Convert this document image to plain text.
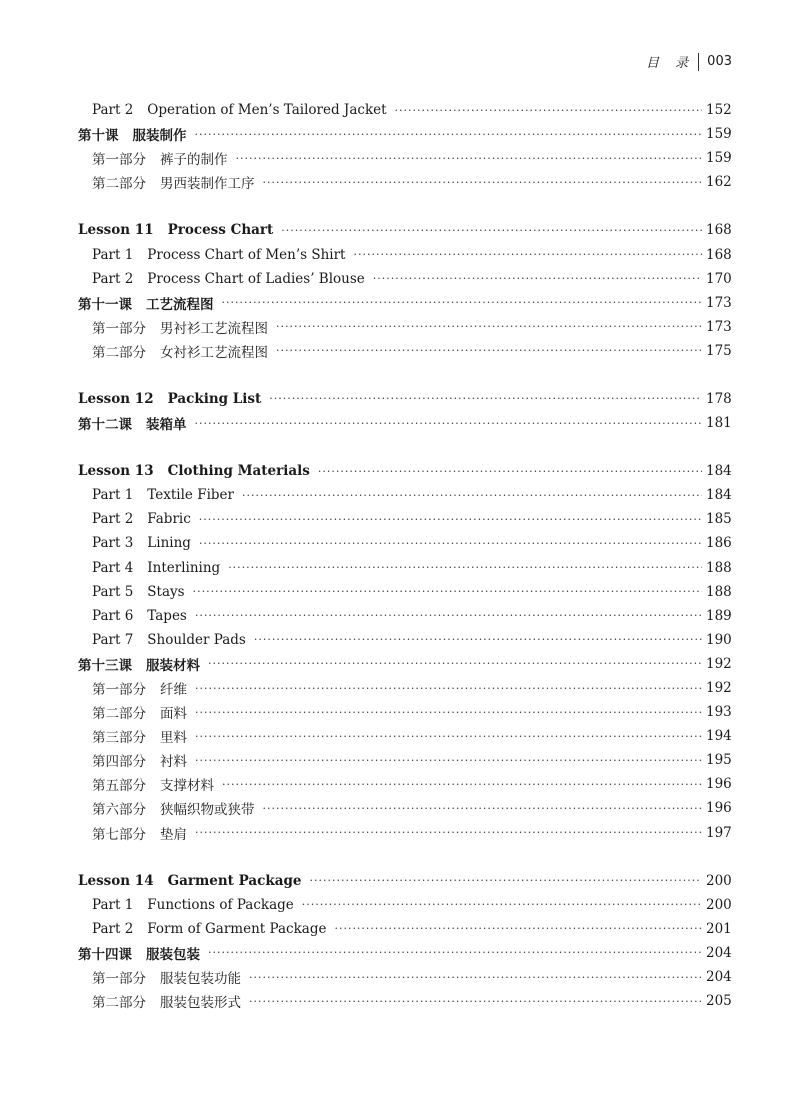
目 录 003
Part 2 Operation of Men’s Tailored Jacket ·····	152
第十课 服装制作 ·····	159
第一部分 裤子的制作 ·····	159
第二部分 男西装制作工序 ·····	162
Lesson 11 Process Chart ·····	168
Part 1 Process Chart of Men’s Shirt ·····	168
Part 2 Process Chart of Ladies’ Blouse ·····	170
第十一课 工艺流程图 ·····	173
第一部分 男衬衫工艺流程图 ·····	173
第二部分 女衬衫工艺流程图 ·····	175
Lesson 12 Packing List ·····	178
第十二课 装箱单 ·····	181
Lesson 13 Clothing Materials ·····	184
Part 1 Textile Fiber ·····	184
Part 2 Fabric ·····	185
Part 3 Lining ·····	186
Part 4 Interlining ·····	188
Part 5 Stays ·····	188
Part 6 Tapes ·····	189
Part 7 Shoulder Pads ·····	190
第十三课 服装材料 ·····	192
第一部分 纤维 ·····	192
第二部分 面料 ·····	193
第三部分 里料 ·····	194
第四部分 衬料 ·····	195
第五部分 支撑材料 ·····	196
第六部分 狭幅织物或狭带 ·····	196
第七部分 垫肩 ·····	197
Lesson 14 Garment Package ·····	200
Part 1 Functions of Package ·····	200
Part 2 Form of Garment Package ·····	201
第十四课 服装包装 ·····	204
第一部分 服装包装功能 ·····	204
第二部分 服装包装形式 ·····	205
